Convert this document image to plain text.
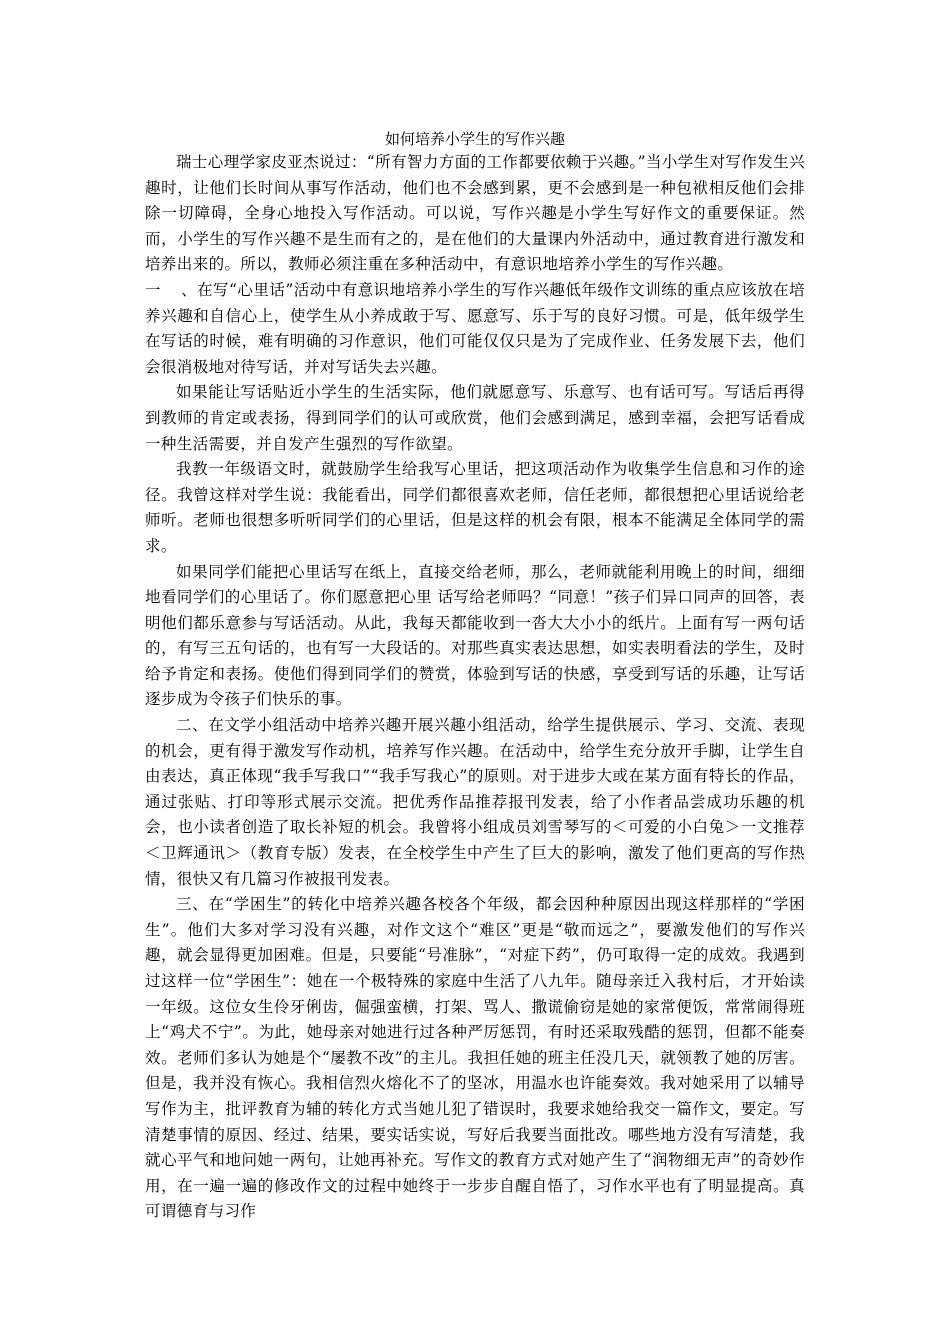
如何培养小学生的写作兴趣

瑞士心理学家皮亚杰说过：“所有智力方面的工作都要依赖于兴趣。”当小学生对写作发生兴趣时，让他们长时间从事写作活动，他们也不会感到累，更不会感到是一种包袱相反他们会排除一切障碍，全身心地投入写作活动。可以说，写作兴趣是小学生写好作文的重要保证。然而，小学生的写作兴趣不是生而有之的，是在他们的大量课内外活动中，通过教育进行激发和培养出来的。所以，教师必须注重在多种活动中，有意识地培养小学生的写作兴趣。

一 、在写“心里话”活动中有意识地培养小学生的写作兴趣低年级作文训练的重点应该放在培养兴趣和自信心上，使学生从小养成敢于写、愿意写、乐于写的良好习惯。可是，低年级学生在写话的时候，难有明确的习作意识，他们可能仅仅只是为了完成作业、任务发展下去，他们会很消极地对待写话，并对写话失去兴趣。

如果能让写话贴近小学生的生活实际，他们就愿意写、乐意写、也有话可写。写话后再得到教师的肯定或表扬，得到同学们的认可或欣赏，他们会感到满足，感到幸福，会把写话看成一种生活需要，并自发产生强烈的写作欲望。

我教一年级语文时，就鼓励学生给我写心里话，把这项活动作为收集学生信息和习作的途径。我曾这样对学生说：我能看出，同学们都很喜欢老师，信任老师，都很想把心里话说给老师听。老师也很想多听听同学们的心里话，但是这样的机会有限，根本不能满足全体同学的需求。

如果同学们能把心里话写在纸上，直接交给老师，那么，老师就能利用晚上的时间，细细地看同学们的心里话了。你们愿意把心里 话写给老师吗？“同意！”孩子们异口同声的回答，表明他们都乐意参与写话活动。从此，我每天都能收到一沓大大小小的纸片。上面有写一两句话的，有写三五句话的，也有写一大段话的。对那些真实表达思想，如实表明看法的学生，及时给予肯定和表扬。使他们得到同学们的赞赏，体验到写话的快感，享受到写话的乐趣，让写话逐步成为令孩子们快乐的事。

二、在文学小组活动中培养兴趣开展兴趣小组活动，给学生提供展示、学习、交流、表现的机会，更有得于激发写作动机，培养写作兴趣。在活动中，给学生充分放开手脚，让学生自由表达，真正体现“我手写我口”“我手写我心”的原则。对于进步大或在某方面有特长的作品，通过张贴、打印等形式展示交流。把优秀作品推荐报刊发表，给了小作者品尝成功乐趣的机会，也小读者创造了取长补短的机会。我曾将小组成员刘雪琴写的＜可爱的小白兔＞一文推荐＜卫辉通讯＞（教育专版）发表，在全校学生中产生了巨大的影响，激发了他们更高的写作热情，很快又有几篇习作被报刊发表。

三、在“学困生”的转化中培养兴趣各校各个年级，都会因种种原因出现这样那样的“学困生”。他们大多对学习没有兴趣，对作文这个“难区”更是“敬而远之”，要激发他们的写作兴趣，就会显得更加困难。但是，只要能“号准脉”，“对症下药”，仍可取得一定的成效。我遇到过这样一位“学困生”：她在一个极特殊的家庭中生活了八九年。随母亲迁入我村后，才开始读一年级。这位女生伶牙俐齿，倔强蛮横，打架、骂人、撒谎偷窃是她的家常便饭，常常闹得班上“鸡犬不宁”。为此，她母亲对她进行过各种严厉惩罚，有时还采取残酷的惩罚，但都不能奏效。老师们多认为她是个“屡教不改”的主儿。我担任她的班主任没几天，就领教了她的厉害。但是，我并没有恢心。我相信烈火熔化不了的坚冰，用温水也许能奏效。我对她采用了以辅导写作为主，批评教育为辅的转化方式当她儿犯了错误时，我要求她给我交一篇作文，要定。写清楚事情的原因、经过、结果，要实话实说，写好后我要当面批改。哪些地方没有写清楚，我就心平气和地问她一两句，让她再补充。写作文的教育方式对她产生了“润物细无声”的奇妙作用，在一遍一遍的修改作文的过程中她终于一步步自醒自悟了，习作水平也有了明显提高。真可谓德育与习作
